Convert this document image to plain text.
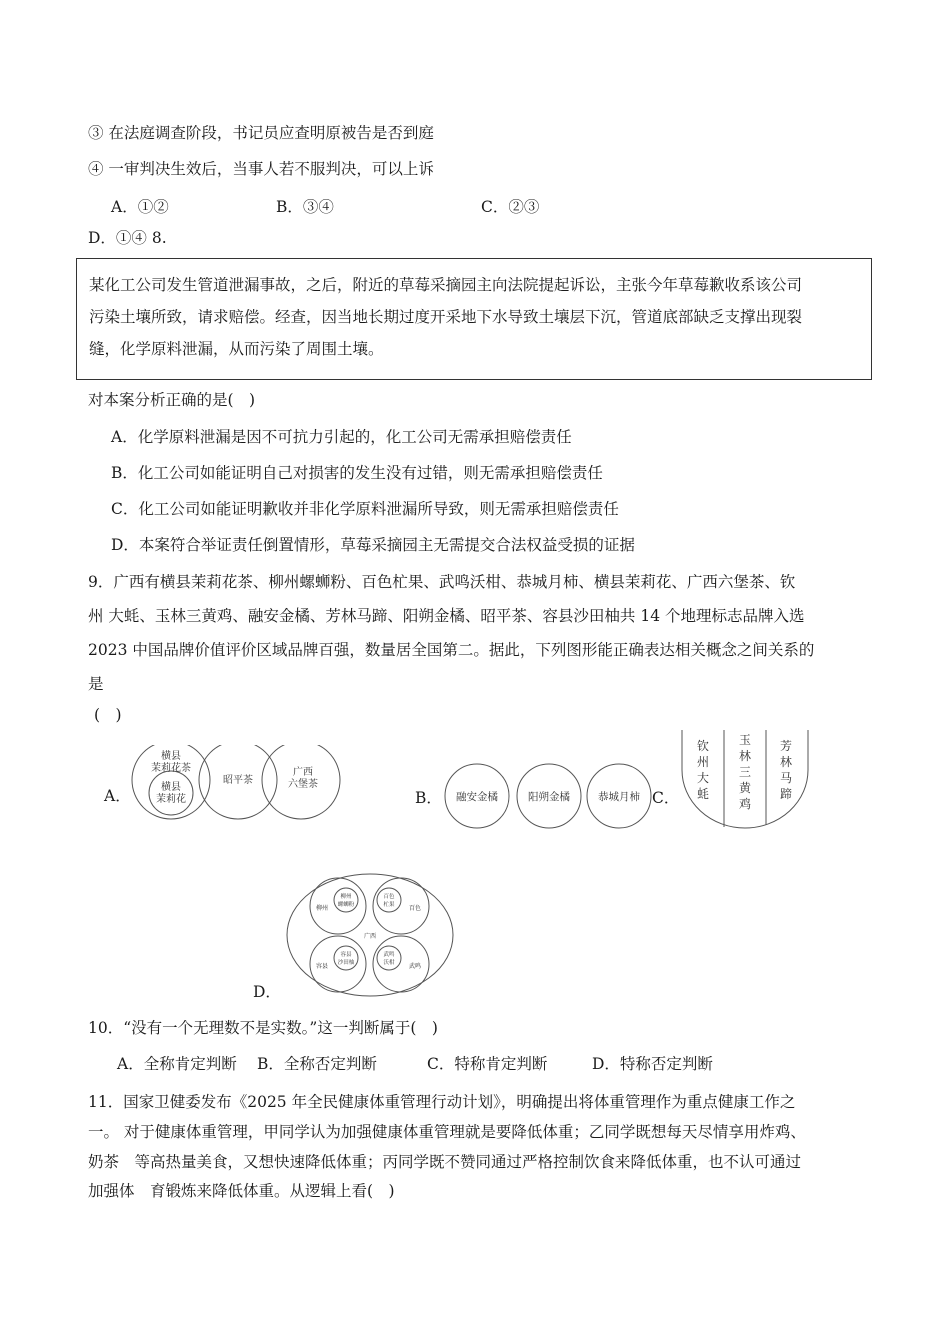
③ 在法庭调查阶段，书记员应查明原被告是否到庭
④ 一审判决生效后，当事人若不服判决，可以上诉
A．①②	B．③④	C．②③
D．①④ 8.
某化工公司发生管道泄漏事故，之后，附近的草莓采摘园主向法院提起诉讼，主张今年草莓歉收系该公司
污染土壤所致，请求赔偿。经查，因当地长期过度开采地下水导致土壤层下沉，管道底部缺乏支撑出现裂
缝，化学原料泄漏，从而污染了周围土壤。
对本案分析正确的是(　)
A．化学原料泄漏是因不可抗力引起的，化工公司无需承担赔偿责任
B．化工公司如能证明自己对损害的发生没有过错，则无需承担赔偿责任
C．化工公司如能证明歉收并非化学原料泄漏所导致，则无需承担赔偿责任
D．本案符合举证责任倒置情形，草莓采摘园主无需提交合法权益受损的证据
9．广西有横县茉莉花茶、柳州螺蛳粉、百色杧果、武鸣沃柑、恭城月柿、横县茉莉花、广西六堡茶、钦
州 大蚝、玉林三黄鸡、融安金橘、芳林马蹄、阳朔金橘、昭平茶、容县沙田柚共 14 个地理标志品牌入选
2023 中国品牌价值评价区域品牌百强，数量居全国第二。据此，下列图形能正确表达相关概念之间关系的
是
(　)
A．	B．	C．
D．
横县
茉莉花茶
横县
茉莉花
昭平茶
广西
六堡茶
融安金橘	阳朔金橘	恭城月柿
钦
州
大
蚝
玉
林
三
黄
鸡
芳
林
马
蹄
广西
柳州
柳州
螺蛳粉
百色
杧果 百色
容县
容县
沙田柚
武鸣
沃柑 武鸣
10．“没有一个无理数不是实数。”这一判断属于(　)
A．全称肯定判断 B．全称否定判断	C．特称肯定判断	D．特称否定判断
11．国家卫健委发布《2025 年全民健康体重管理行动计划》，明确提出将体重管理作为重点健康工作之
一。 对于健康体重管理，甲同学认为加强健康体重管理就是要降低体重；乙同学既想每天尽情享用炸鸡、
奶茶　等高热量美食，又想快速降低体重；丙同学既不赞同通过严格控制饮食来降低体重，也不认可通过
加强体　育锻炼来降低体重。从逻辑上看(　)
